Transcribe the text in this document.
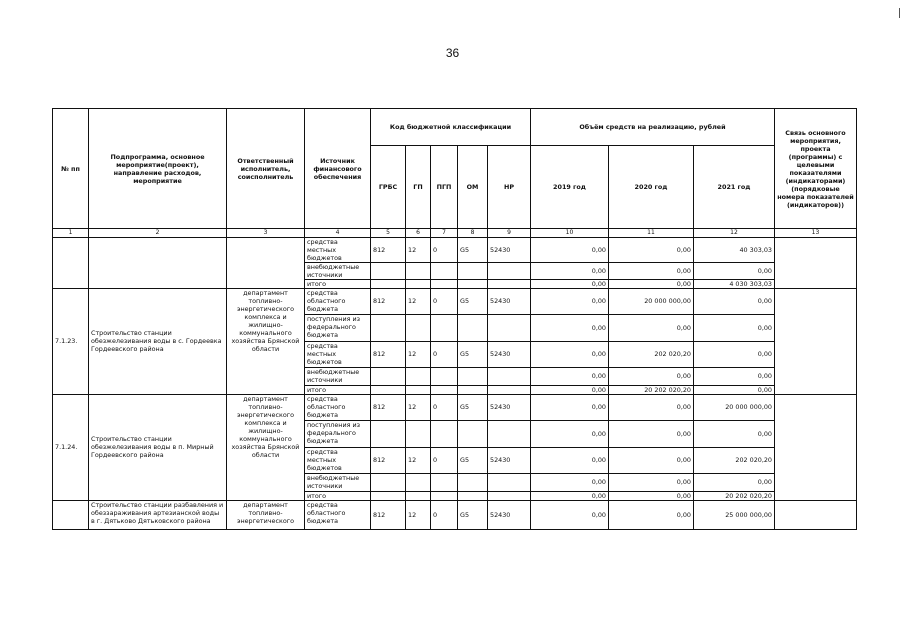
36
№ пп	Подпрограмма, основное мероприятие(проект), направление расходов, мероприятие	Ответственный исполнитель, соисполнитель	Источник финансового обеспечения	Код бюджетной классификации					Объём средств на реализацию, рублей			Связь основного мероприятия, проекта (программы) с целевыми показателями (индикаторами) (порядковые номера показателей (индикаторов))
				ГРБС	ГП	ПГП	ОМ	НР	2019 год	2020 год	2021 год	
1	2	3	4	5	6	7	8	9	10	11	12	13
			средства местных бюджетов	812	12	0	G5	52430	0,00	0,00	40 303,03	
			внебюджетные источники						0,00	0,00	0,00	
			итого						0,00	0,00	4 030 303,03	
7.1.23.	Строительство станции обезжелезивания воды в с. Гордеевка Гордеевского района	департамент топливно-энергетического комплекса и жилищно-коммунального хозяйства Брянской области	средства областного бюджета	812	12	0	G5	52430	0,00	20 000 000,00	0,00	
			поступления из федерального бюджета						0,00	0,00	0,00	
			средства местных бюджетов	812	12	0	G5	52430	0,00	202 020,20	0,00	
			внебюджетные источники						0,00	0,00	0,00	
			итого						0,00	20 202 020,20	0,00	
7.1.24.	Строительство станции обезжелезивания воды в п. Мирный Гордеевского района	департамент топливно-энергетического комплекса и жилищно-коммунального хозяйства Брянской области	средства областного бюджета	812	12	0	G5	52430	0,00	0,00	20 000 000,00	
			поступления из федерального бюджета						0,00	0,00	0,00	
			средства местных бюджетов	812	12	0	G5	52430	0,00	0,00	202 020,20	
			внебюджетные источники						0,00	0,00	0,00	
			итого						0,00	0,00	20 202 020,20	
	Строительство станции разбавления и обеззараживания артезианской воды в г. Дятьково Дятьковского района	департамент топливно-энергетического	средства областного бюджета	812	12	0	G5	52430	0,00	0,00	25 000 000,00	
